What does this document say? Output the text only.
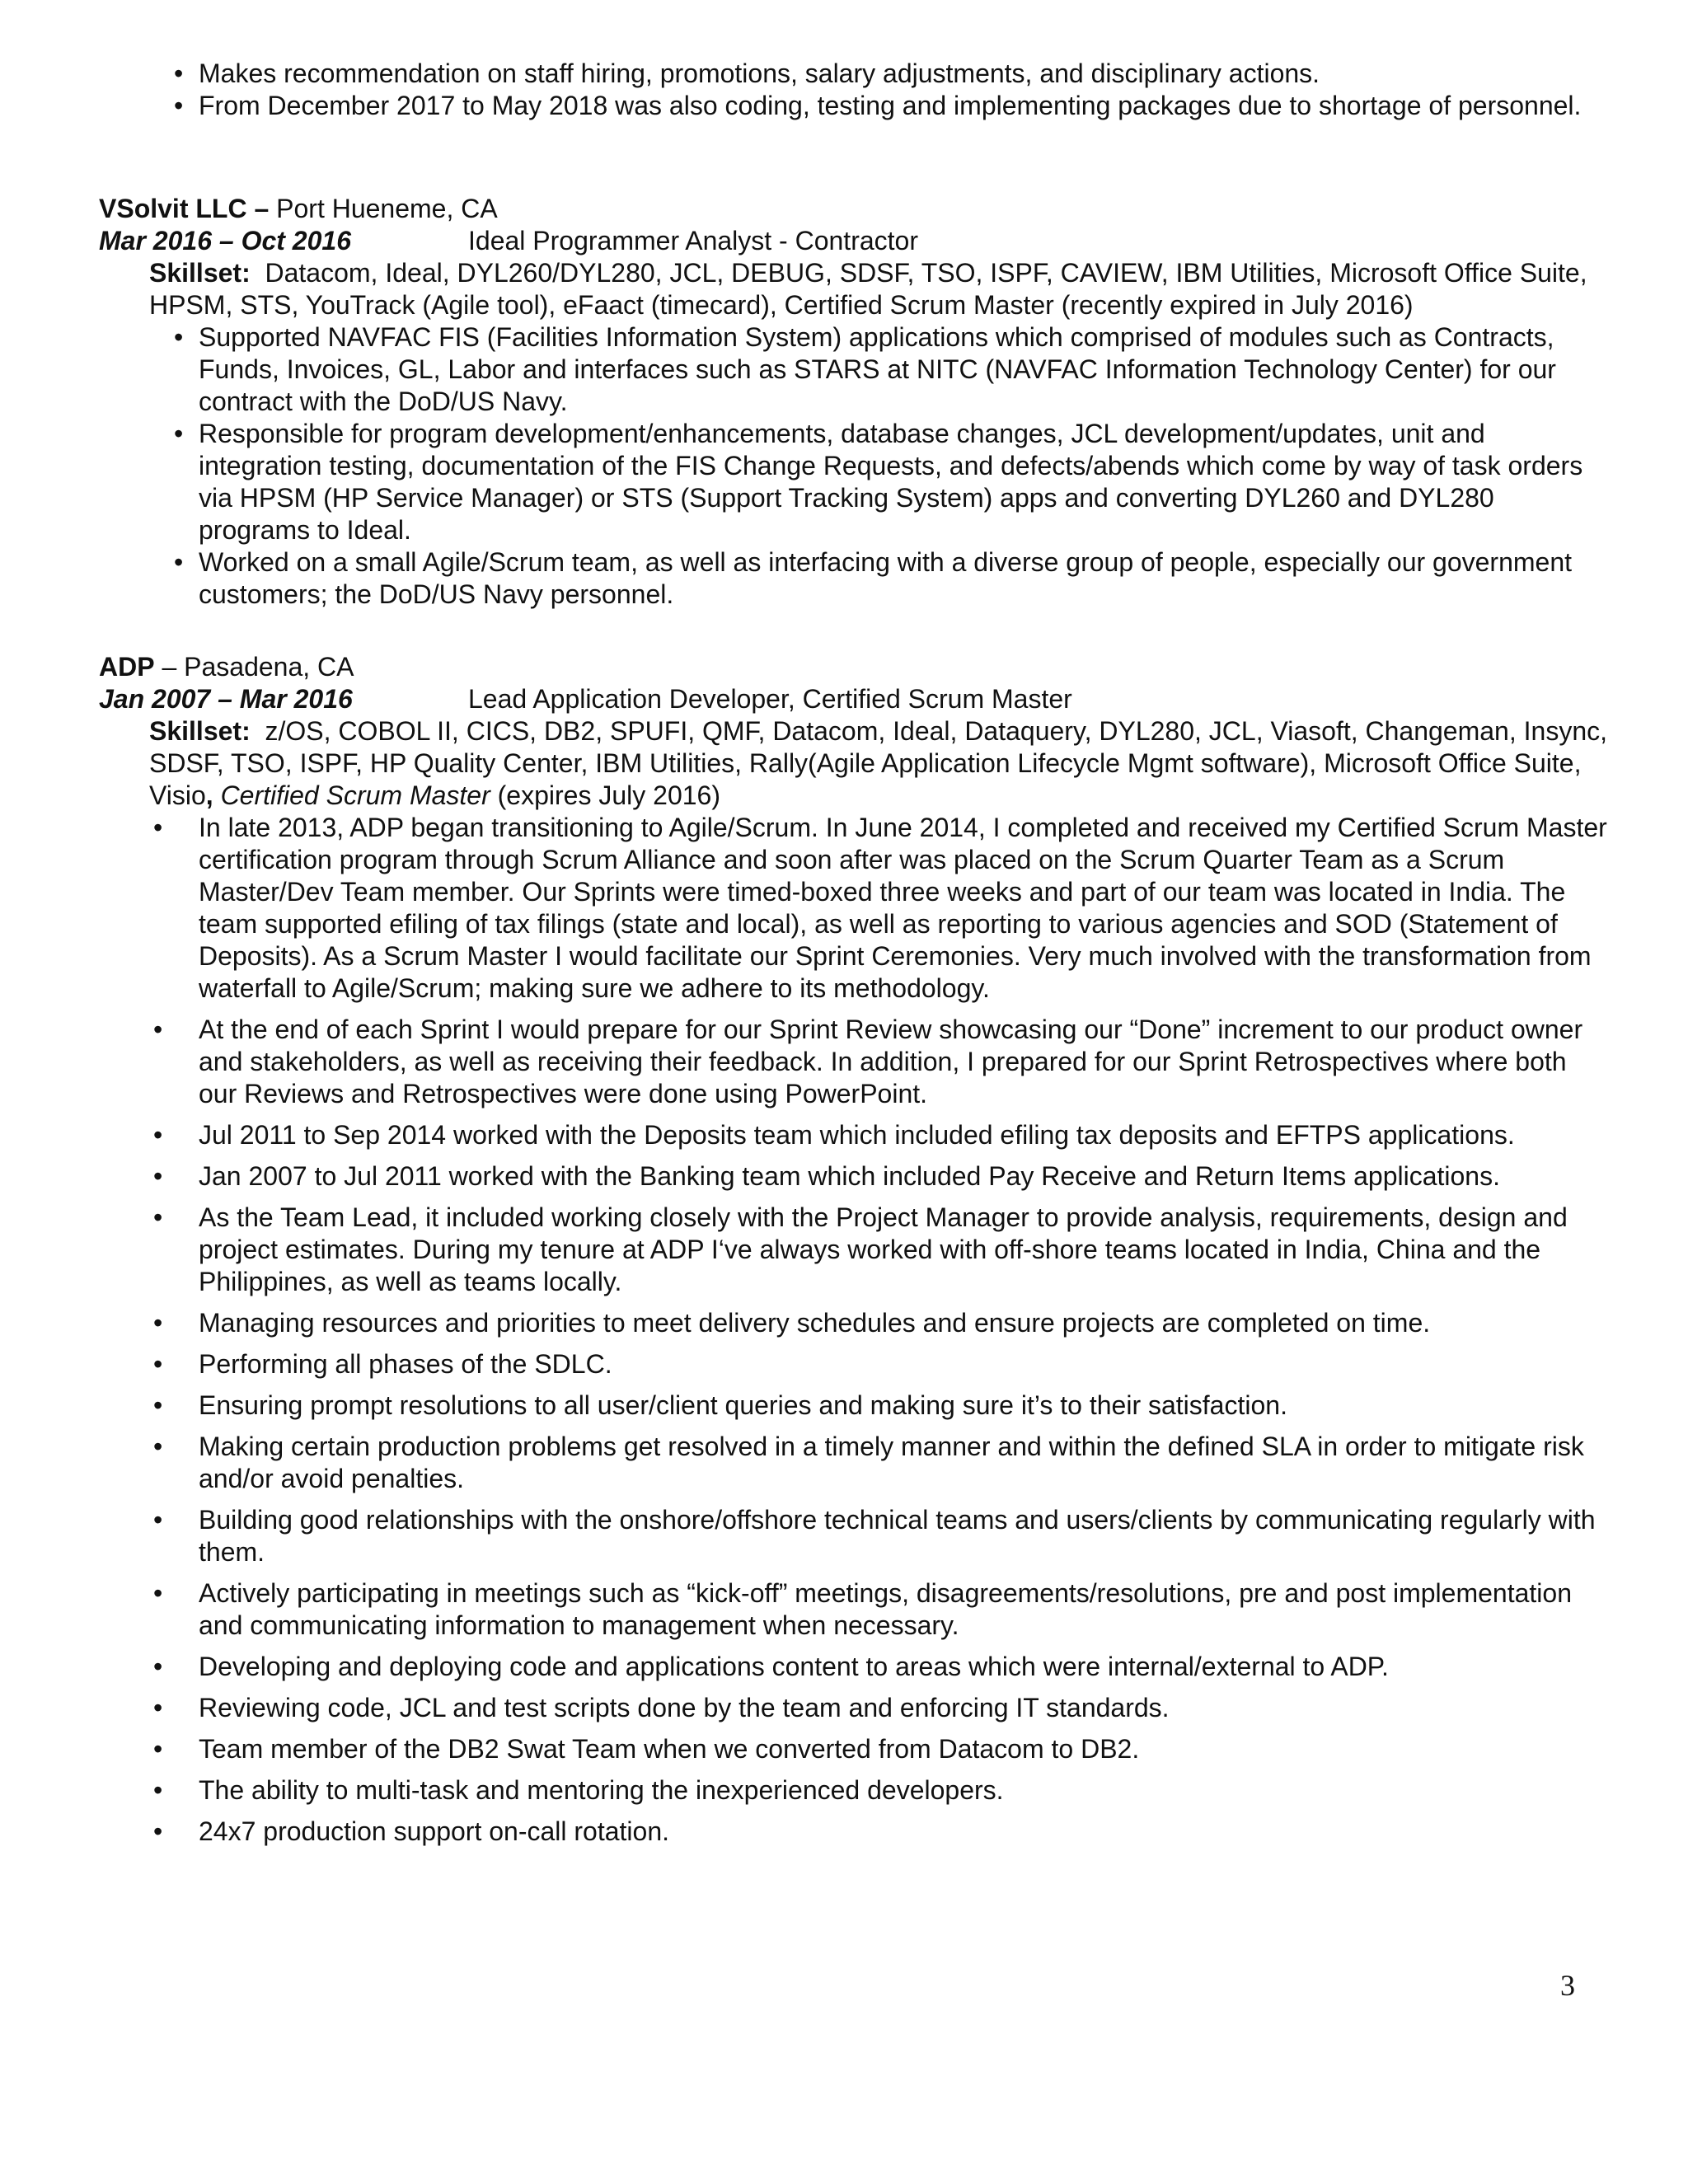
• Makes recommendation on staff hiring, promotions, salary adjustments, and disciplinary actions.
• From December 2017 to May 2018 was also coding, testing and implementing packages due to shortage of personnel.
VSolvit LLC – Port Hueneme, CA
Mar 2016 – Oct 2016	Ideal Programmer Analyst - Contractor
Skillset: Datacom, Ideal, DYL260/DYL280, JCL, DEBUG, SDSF, TSO, ISPF, CAVIEW, IBM Utilities, Microsoft Office Suite, HPSM, STS, YouTrack (Agile tool), eFaact (timecard), Certified Scrum Master (recently expired in July 2016)
• Supported NAVFAC FIS (Facilities Information System) applications which comprised of modules such as Contracts, Funds, Invoices, GL, Labor and interfaces such as STARS at NITC (NAVFAC Information Technology Center) for our contract with the DoD/US Navy.
• Responsible for program development/enhancements, database changes, JCL development/updates, unit and integration testing, documentation of the FIS Change Requests, and defects/abends which come by way of task orders via HPSM (HP Service Manager) or STS (Support Tracking System) apps and converting DYL260 and DYL280 programs to Ideal.
• Worked on a small Agile/Scrum team, as well as interfacing with a diverse group of people, especially our government customers; the DoD/US Navy personnel.
ADP – Pasadena, CA
Jan 2007 – Mar 2016	Lead Application Developer, Certified Scrum Master
Skillset: z/OS, COBOL II, CICS, DB2, SPUFI, QMF, Datacom, Ideal, Dataquery, DYL280, JCL, Viasoft, Changeman, Insync, SDSF, TSO, ISPF, HP Quality Center, IBM Utilities, Rally(Agile Application Lifecycle Mgmt software), Microsoft Office Suite, Visio, Certified Scrum Master (expires July 2016)
• In late 2013, ADP began transitioning to Agile/Scrum. In June 2014, I completed and received my Certified Scrum Master certification program through Scrum Alliance and soon after was placed on the Scrum Quarter Team as a Scrum Master/Dev Team member. Our Sprints were timed-boxed three weeks and part of our team was located in India. The team supported efiling of tax filings (state and local), as well as reporting to various agencies and SOD (Statement of Deposits). As a Scrum Master I would facilitate our Sprint Ceremonies. Very much involved with the transformation from waterfall to Agile/Scrum; making sure we adhere to its methodology.
• At the end of each Sprint I would prepare for our Sprint Review showcasing our “Done” increment to our product owner and stakeholders, as well as receiving their feedback. In addition, I prepared for our Sprint Retrospectives where both our Reviews and Retrospectives were done using PowerPoint.
• Jul 2011 to Sep 2014 worked with the Deposits team which included efiling tax deposits and EFTPS applications.
• Jan 2007 to Jul 2011 worked with the Banking team which included Pay Receive and Return Items applications.
• As the Team Lead, it included working closely with the Project Manager to provide analysis, requirements, design and project estimates. During my tenure at ADP I‘ve always worked with off-shore teams located in India, China and the Philippines, as well as teams locally.
• Managing resources and priorities to meet delivery schedules and ensure projects are completed on time.
• Performing all phases of the SDLC.
• Ensuring prompt resolutions to all user/client queries and making sure it’s to their satisfaction.
• Making certain production problems get resolved in a timely manner and within the defined SLA in order to mitigate risk and/or avoid penalties.
• Building good relationships with the onshore/offshore technical teams and users/clients by communicating regularly with them.
• Actively participating in meetings such as “kick-off” meetings, disagreements/resolutions, pre and post implementation and communicating information to management when necessary.
• Developing and deploying code and applications content to areas which were internal/external to ADP.
• Reviewing code, JCL and test scripts done by the team and enforcing IT standards.
• Team member of the DB2 Swat Team when we converted from Datacom to DB2.
• The ability to multi-task and mentoring the inexperienced developers.
• 24x7 production support on-call rotation.
3
